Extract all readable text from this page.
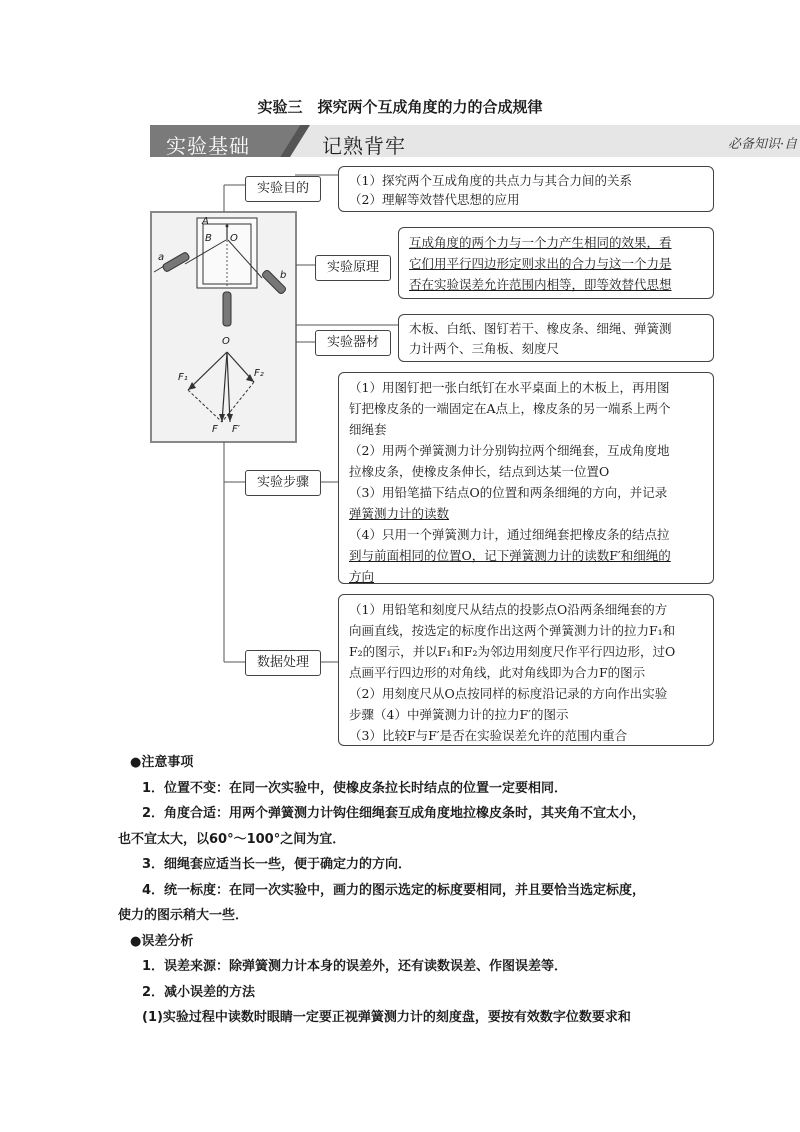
实验三　探究两个互成角度的力的合成规律
实验基础	记熟背牢	必备知识·自
A
B O
a
b
O
F₁	F₂
F F′
实验目的
实验原理
实验器材
实验步骤
数据处理

（1）探究两个互成角度的共点力与其合力间的关系

（2）理解等效替代思想的应用

互成角度的两个力与一个力产生相同的效果，看

它们用平行四边形定则求出的合力与这一个力是

否在实验误差允许范围内相等，即等效替代思想

木板、白纸、图钉若干、橡皮条、细绳、弹簧测

力计两个、三角板、刻度尺

（1）用图钉把一张白纸钉在水平桌面上的木板上，再用图

钉把橡皮条的一端固定在A点上，橡皮条的另一端系上两个

细绳套

（2）用两个弹簧测力计分别钩拉两个细绳套，互成角度地

拉橡皮条，使橡皮条伸长，结点到达某一位置O

（3）用铅笔描下结点O的位置和两条细绳的方向，并记录

弹簧测力计的读数

（4）只用一个弹簧测力计，通过细绳套把橡皮条的结点拉

到与前面相同的位置O，记下弹簧测力计的读数F′和细绳的

方向

（1）用铅笔和刻度尺从结点的投影点O沿两条细绳套的方

向画直线，按选定的标度作出这两个弹簧测力计的拉力F₁和

F₂的图示，并以F₁和F₂为邻边用刻度尺作平行四边形，过O

点画平行四边形的对角线，此对角线即为合力F的图示

（2）用刻度尺从O点按同样的标度沿记录的方向作出实验

步骤（4）中弹簧测力计的拉力F′的图示

（3）比较F与F′是否在实验误差允许的范围内重合

●注意事项

1．位置不变：在同一次实验中，使橡皮条拉长时结点的位置一定要相同．

2．角度合适：用两个弹簧测力计钩住细绳套互成角度地拉橡皮条时，其夹角不宜太小，

也不宜太大，以60°～100°之间为宜．

3．细绳套应适当长一些，便于确定力的方向．

4．统一标度：在同一次实验中，画力的图示选定的标度要相同，并且要恰当选定标度，

使力的图示稍大一些．

●误差分析

1．误差来源：除弹簧测力计本身的误差外，还有读数误差、作图误差等．

2．减小误差的方法

(1)实验过程中读数时眼睛一定要正视弹簧测力计的刻度盘，要按有效数字位数要求和
